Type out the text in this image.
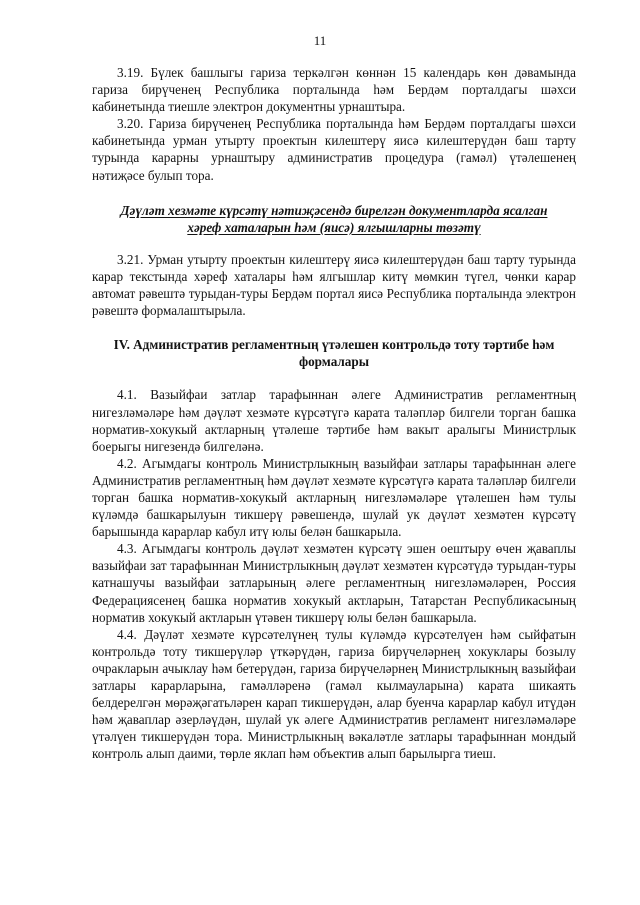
11

3.19. Бүлек башлыгы гариза теркәлгән көннән 15 календарь көн дәвамында гариза бирүченең Республика порталында һәм Бердәм порталдагы шәхси кабинетында тиешле электрон документны урнаштыра.

3.20. Гариза бирүченең Республика порталында һәм Бердәм порталдагы шәхси кабинетында урман утырту проектын килештерү яисә килештерүдән баш тарту турында карарны урнаштыру административ процедура (гамәл) үтәлешенең нәтиҗәсе булып тора.

Дәүләт хезмәте күрсәтү нәтиҗәсендә бирелгән документларда ясалган хәреф хаталарын һәм (яисә) ялгышларны төзәтү

3.21. Урман утырту проектын килештерү яисә килештерүдән баш тарту турында карар текстында хәреф хаталары һәм ялгышлар китү мөмкин түгел, чөнки карар автомат рәвештә турыдан-туры Бердәм портал яисә Республика порталында электрон рәвештә формалаштырыла.

IV. Административ регламентның үтәлешен контрольдә тоту тәртибе һәм формалары

4.1. Вазыйфаи затлар тарафыннан әлеге Административ регламентның нигезләмәләре һәм дәүләт хезмәте күрсәтүгә карата таләпләр билгели торган башка норматив-хокукый актларның үтәлеше тәртибе һәм вакыт аралыгы Министрлык боерыгы нигезендә билгеләнә.

4.2. Агымдагы контроль Министрлыкның вазыйфаи затлары тарафыннан әлеге Административ регламентның һәм дәүләт хезмәте күрсәтүгә карата таләпләр билгели торган башка норматив-хокукый актларның нигезләмәләре үтәлешен һәм тулы күләмдә башкарылуын тикшерү рәвешендә, шулай ук дәүләт хезмәтен күрсәтү барышында карарлар кабул итү юлы белән башкарыла.

4.3. Агымдагы контроль дәүләт хезмәтен күрсәтү эшен оештыру өчен җаваплы вазыйфаи зат тарафыннан Министрлыкның дәүләт хезмәтен күрсәтүдә турыдан-туры катнашучы вазыйфаи затларының әлеге регламентның нигезләмәләрен, Россия Федерациясенең башка норматив хокукый актларын, Татарстан Республикасының норматив хокукый актларын үтәвен тикшерү юлы белән башкарыла.

4.4. Дәүләт хезмәте күрсәтелүнең тулы күләмдә күрсәтелүен һәм сыйфатын контрольдә тоту тикшерүләр үткәрүдән, гариза бирүчеләрнең хокуклары бозылу очракларын ачыклау һәм бетерүдән, гариза бирүчеләрнең Министрлыкның вазыйфаи затлары карарларына, гамәлләренә (гамәл кылмауларына) карата шикаять белдерелгән мөрәҗәгатьләрен карап тикшерүдән, алар буенча карарлар кабул итүдән һәм җаваплар әзерләүдән, шулай ук әлеге Административ регламент нигезләмәләре үтәлүен тикшерүдән тора. Министрлыкның вәкаләтле затлары тарафыннан мондый контроль алып даими, төрле яклап һәм объектив алып барылырга тиеш.
